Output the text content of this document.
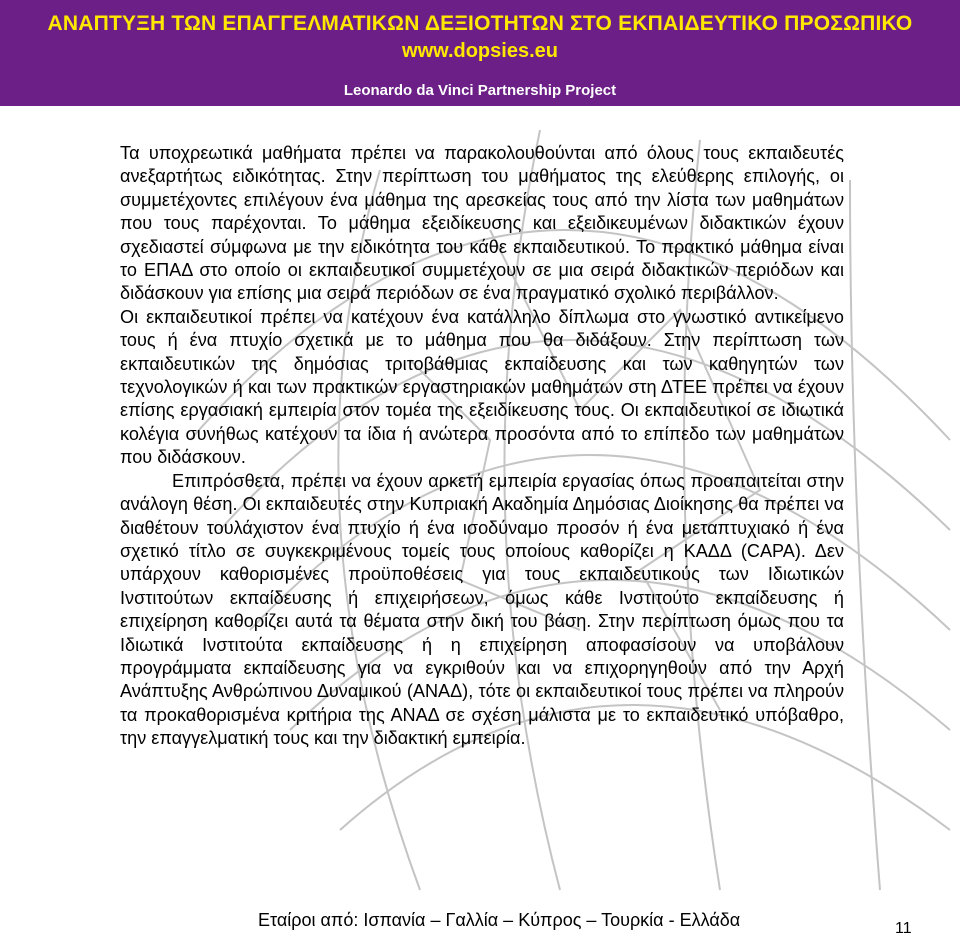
ΑΝΑΠΤΥΞΗ ΤΩΝ ΕΠΑΓΓΕΛΜΑΤΙΚΩΝ ΔΕΞΙΟΤΗΤΩΝ ΣΤΟ ΕΚΠΑΙΔΕΥΤΙΚΟ ΠΡΟΣΩΠΙΚΟ
www.dopsies.eu
Leonardo da Vinci Partnership Project

Τα υποχρεωτικά μαθήματα πρέπει να παρακολουθούνται από όλους τους εκπαιδευτές ανεξαρτήτως ειδικότητας. Στην περίπτωση του μαθήματος της ελεύθερης επιλογής, οι συμμετέχοντες επιλέγουν ένα μάθημα της αρεσκείας τους από την λίστα των μαθημάτων που τους παρέχονται. Το μάθημα εξειδίκευσης και εξειδικευμένων διδακτικών έχουν σχεδιαστεί σύμφωνα με την ειδικότητα του κάθε εκπαιδευτικού. Το πρακτικό μάθημα είναι το ΕΠΑΔ στο οποίο οι εκπαιδευτικοί συμμετέχουν σε μια σειρά διδακτικών περιόδων και διδάσκουν για επίσης μια σειρά περιόδων σε ένα πραγματικό σχολικό περιβάλλον.

Οι εκπαιδευτικοί πρέπει να κατέχουν ένα κατάλληλο δίπλωμα στο γνωστικό αντικείμενο τους ή ένα πτυχίο σχετικά με το μάθημα που θα διδάξουν. Στην περίπτωση των εκπαιδευτικών της δημόσιας τριτοβάθμιας εκπαίδευσης και των καθηγητών των τεχνολογικών ή και των πρακτικών εργαστηριακών μαθημάτων στη ΔΤΕΕ πρέπει να έχουν επίσης εργασιακή εμπειρία στον τομέα της εξειδίκευσης τους. Οι εκπαιδευτικοί σε ιδιωτικά κολέγια συνήθως κατέχουν τα ίδια ή ανώτερα προσόντα από το επίπεδο των μαθημάτων που διδάσκουν.

Επιπρόσθετα, πρέπει να έχουν αρκετή εμπειρία εργασίας όπως προαπαιτείται στην ανάλογη θέση. Οι εκπαιδευτές στην Κυπριακή Ακαδημία Δημόσιας Διοίκησης θα πρέπει να διαθέτουν τουλάχιστον ένα πτυχίο ή ένα ισοδύναμο προσόν ή ένα μεταπτυχιακό ή ένα σχετικό τίτλο σε συγκεκριμένους τομείς τους οποίους καθορίζει η ΚΑΔΔ (CAPA). Δεν υπάρχουν καθορισμένες προϋποθέσεις για τους εκπαιδευτικούς των Ιδιωτικών Ινστιτούτων εκπαίδευσης ή επιχειρήσεων, όμως κάθε Ινστιτούτο εκπαίδευσης ή επιχείρηση καθορίζει αυτά τα θέματα στην δική του βάση. Στην περίπτωση όμως που τα Ιδιωτικά Ινστιτούτα εκπαίδευσης ή η επιχείρηση αποφασίσουν να υποβάλουν προγράμματα εκπαίδευσης για να εγκριθούν και να επιχορηγηθούν από την Αρχή Ανάπτυξης Ανθρώπινου Δυναμικού (ΑΝΑΔ), τότε οι εκπαιδευτικοί τους πρέπει να πληρούν τα προκαθορισμένα κριτήρια της ΑΝΑΔ σε σχέση μάλιστα με το εκπαιδευτικό υπόβαθρο, την επαγγελματική τους και την διδακτική εμπειρία.

Εταίροι από: Ισπανία – Γαλλία – Κύπρος – Τουρκία - Ελλάδα	11
